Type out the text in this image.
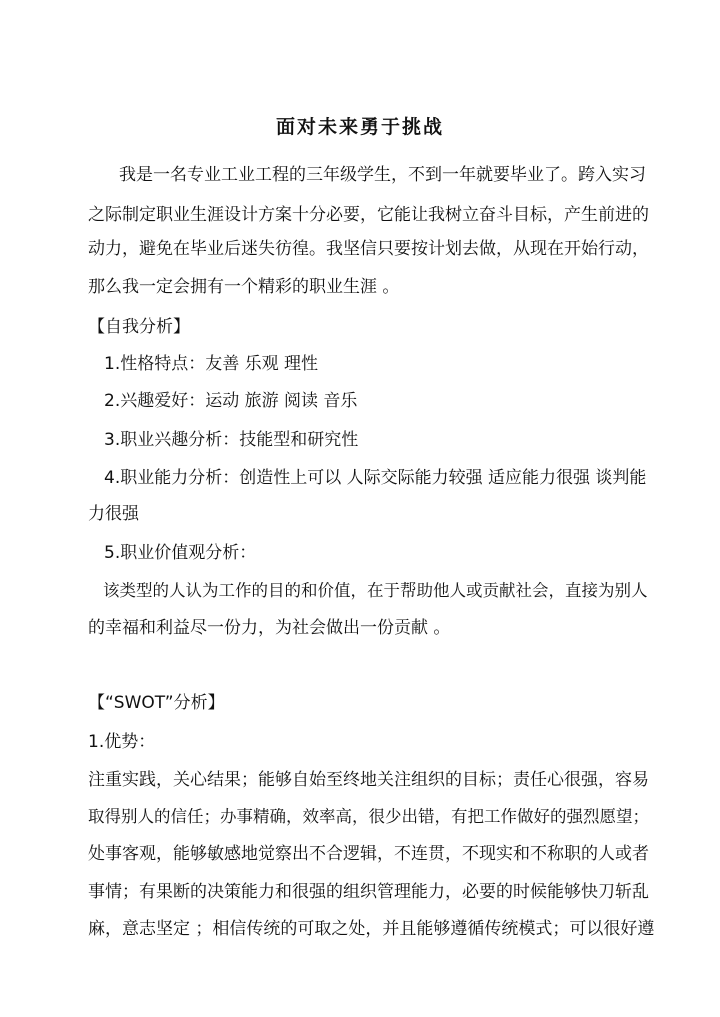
面对未来勇于挑战
我是一名专业工业工程的三年级学生，不到一年就要毕业了。跨入实习
之际制定职业生涯设计方案十分必要，它能让我树立奋斗目标，产生前进的
动力，避免在毕业后迷失彷徨。我坚信只要按计划去做，从现在开始行动，
那么我一定会拥有一个精彩的职业生涯 。
【自我分析】
1.性格特点：友善 乐观 理性
2.兴趣爱好：运动 旅游 阅读 音乐
3.职业兴趣分析：技能型和研究性
4.职业能力分析：创造性上可以 人际交际能力较强 适应能力很强 谈判能
力很强
5.职业价值观分析：
该类型的人认为工作的目的和价值，在于帮助他人或贡献社会，直接为别人
的幸福和利益尽一份力，为社会做出一份贡献 。
【“SWOT”分析】
1.优势：
注重实践，关心结果；能够自始至终地关注组织的目标；责任心很强，容易
取得别人的信任；办事精确，效率高，很少出错，有把工作做好的强烈愿望；
处事客观，能够敏感地觉察出不合逻辑，不连贯，不现实和不称职的人或者
事情；有果断的决策能力和很强的组织管理能力，必要的时候能够快刀斩乱
麻，意志坚定 ；相信传统的可取之处，并且能够遵循传统模式；可以很好遵
